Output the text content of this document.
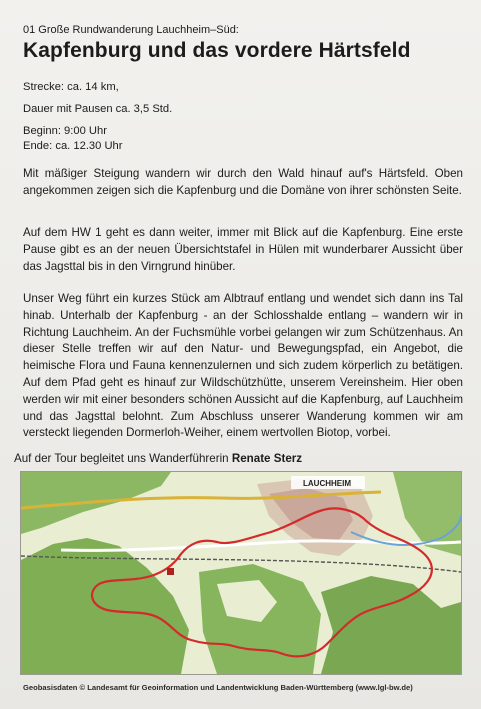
01 Große Rundwanderung Lauchheim–Süd:
Kapfenburg und das vordere Härtsfeld
Strecke: ca. 14 km,
Dauer mit Pausen ca. 3,5 Std.
Beginn: 9:00 Uhr
Ende: ca. 12.30 Uhr

Mit mäßiger Steigung wandern wir durch den Wald hinauf auf's Härtsfeld. Oben angekommen zeigen sich die Kapfenburg und die Domäne von ihrer schönsten Seite.

Auf dem HW 1 geht es dann weiter, immer mit Blick auf die Kapfenburg. Eine erste Pause gibt es an der neuen Übersichtstafel in Hülen mit wunderbarer Aussicht über das Jagsttal bis in den Virngrund hinüber.

Unser Weg führt ein kurzes Stück am Albtrauf entlang und wendet sich dann ins Tal hinab. Unterhalb der Kapfenburg - an der Schlosshalde entlang – wandern wir in Richtung Lauchheim. An der Fuchsmühle vorbei gelangen wir zum Schützenhaus. An dieser Stelle treffen wir auf den Natur- und Bewegungspfad, ein Angebot, die heimische Flora und Fauna kennenzulernen und sich zudem körperlich zu betätigen. Auf dem Pfad geht es hinauf zur Wildschützhütte, unserem Vereinsheim. Hier oben werden wir mit einer besonders schönen Aussicht auf die Kapfenburg, auf Lauchheim und das Jagsttal belohnt. Zum Abschluss unserer Wanderung kommen wir am versteckt liegenden Dormerloh-Weiher, einem wertvollen Biotop, vorbei.

Auf der Tour begleitet uns Wanderführerin Renate Sterz
LAUCHHEIM
Geobasisdaten © Landesamt für Geoinformation und Landentwicklung Baden-Württemberg (www.lgl-bw.de)
